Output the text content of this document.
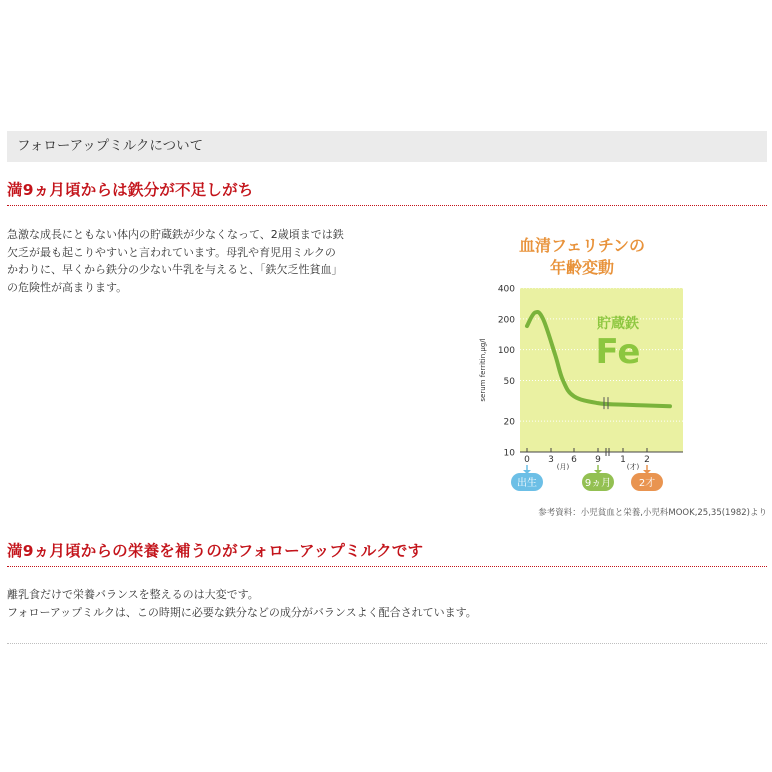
フォローアップミルクについて
満9ヵ月頃からは鉄分が不足しがち
急激な成長にともない体内の貯蔵鉄が少なくなって、2歳頃までは鉄
欠乏が最も起こりやすいと言われています。母乳や育児用ミルクの
かわりに、早くから鉄分の少ない牛乳を与えると、「鉄欠乏性貧血」
の危険性が高まります。
血清フェリチンの
年齢変動
400
200
100
50
20
10
serum ferritin,μg/l
0 3 6 9 1 2
(月)	(才)
貯蔵鉄
Fe
出生	9ヵ月	2才
参考資料：小児貧血と栄養,小児科MOOK,25,35(1982)より
満9ヵ月頃からの栄養を補うのがフォローアップミルクです
離乳食だけで栄養バランスを整えるのは大変です。
フォローアップミルクは、この時期に必要な鉄分などの成分がバランスよく配合されています。
